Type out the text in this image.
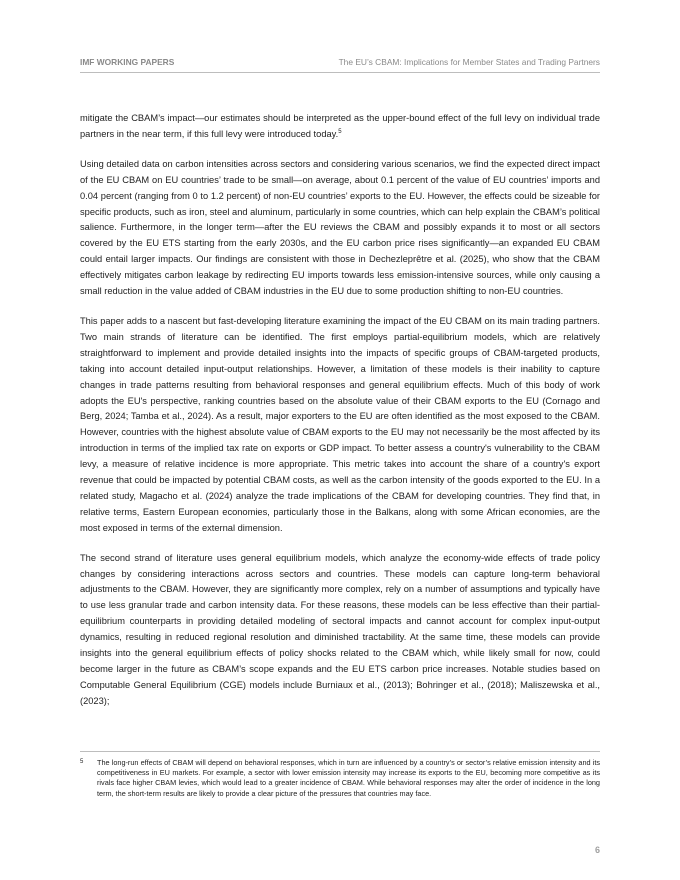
IMF WORKING PAPERS	The EU’s CBAM: Implications for Member States and Trading Partners

mitigate the CBAM’s impact—our estimates should be interpreted as the upper-bound effect of the full levy on individual trade partners in the near term, if this full levy were introduced today.$^5$

Using detailed data on carbon intensities across sectors and considering various scenarios, we find the expected direct impact of the EU CBAM on EU countries’ trade to be small—on average, about 0.1 percent of the value of EU countries’ imports and 0.04 percent (ranging from 0 to 1.2 percent) of non-EU countries’ exports to the EU. However, the effects could be sizeable for specific products, such as iron, steel and aluminum, particularly in some countries, which can help explain the CBAM’s political salience. Furthermore, in the longer term—after the EU reviews the CBAM and possibly expands it to most or all sectors covered by the EU ETS starting from the early 2030s, and the EU carbon price rises significantly—an expanded EU CBAM could entail larger impacts. Our findings are consistent with those in Dechezleprêtre et al. (2025), who show that the CBAM effectively mitigates carbon leakage by redirecting EU imports towards less emission-intensive sources, while only causing a small reduction in the value added of CBAM industries in the EU due to some production shifting to non-EU countries.

This paper adds to a nascent but fast-developing literature examining the impact of the EU CBAM on its main trading partners. Two main strands of literature can be identified. The first employs partial-equilibrium models, which are relatively straightforward to implement and provide detailed insights into the impacts of specific groups of CBAM-targeted products, taking into account detailed input-output relationships. However, a limitation of these models is their inability to capture changes in trade patterns resulting from behavioral responses and general equilibrium effects. Much of this body of work adopts the EU's perspective, ranking countries based on the absolute value of their CBAM exports to the EU (Cornago and Berg, 2024; Tamba et al., 2024). As a result, major exporters to the EU are often identified as the most exposed to the CBAM. However, countries with the highest absolute value of CBAM exports to the EU may not necessarily be the most affected by its introduction in terms of the implied tax rate on exports or GDP impact. To better assess a country's vulnerability to the CBAM levy, a measure of relative incidence is more appropriate. This metric takes into account the share of a country's export revenue that could be impacted by potential CBAM costs, as well as the carbon intensity of the goods exported to the EU. In a related study, Magacho et al. (2024) analyze the trade implications of the CBAM for developing countries. They find that, in relative terms, Eastern European economies, particularly those in the Balkans, along with some African economies, are the most exposed in terms of the external dimension.

The second strand of literature uses general equilibrium models, which analyze the economy-wide effects of trade policy changes by considering interactions across sectors and countries. These models can capture long-term behavioral adjustments to the CBAM. However, they are significantly more complex, rely on a number of assumptions and typically have to use less granular trade and carbon intensity data. For these reasons, these models can be less effective than their partial-equilibrium counterparts in providing detailed modeling of sectoral impacts and cannot account for complex input-output dynamics, resulting in reduced regional resolution and diminished tractability. At the same time, these models can provide insights into the general equilibrium effects of policy shocks related to the CBAM which, while likely small for now, could become larger in the future as CBAM’s scope expands and the EU ETS carbon price increases. Notable studies based on Computable General Equilibrium (CGE) models include Burniaux et al., (2013); Bohringer et al., (2018); Maliszewska et al., (2023);

5 The long-run effects of CBAM will depend on behavioral responses, which in turn are influenced by a country’s or sector’s relative emission intensity and its competitiveness in EU markets. For example, a sector with lower emission intensity may increase its exports to the EU, becoming more competitive as its rivals face higher CBAM levies, which would lead to a greater incidence of CBAM. While behavioral responses may alter the order of incidence in the long term, the short-term results are likely to provide a clear picture of the pressures that countries may face.
6
